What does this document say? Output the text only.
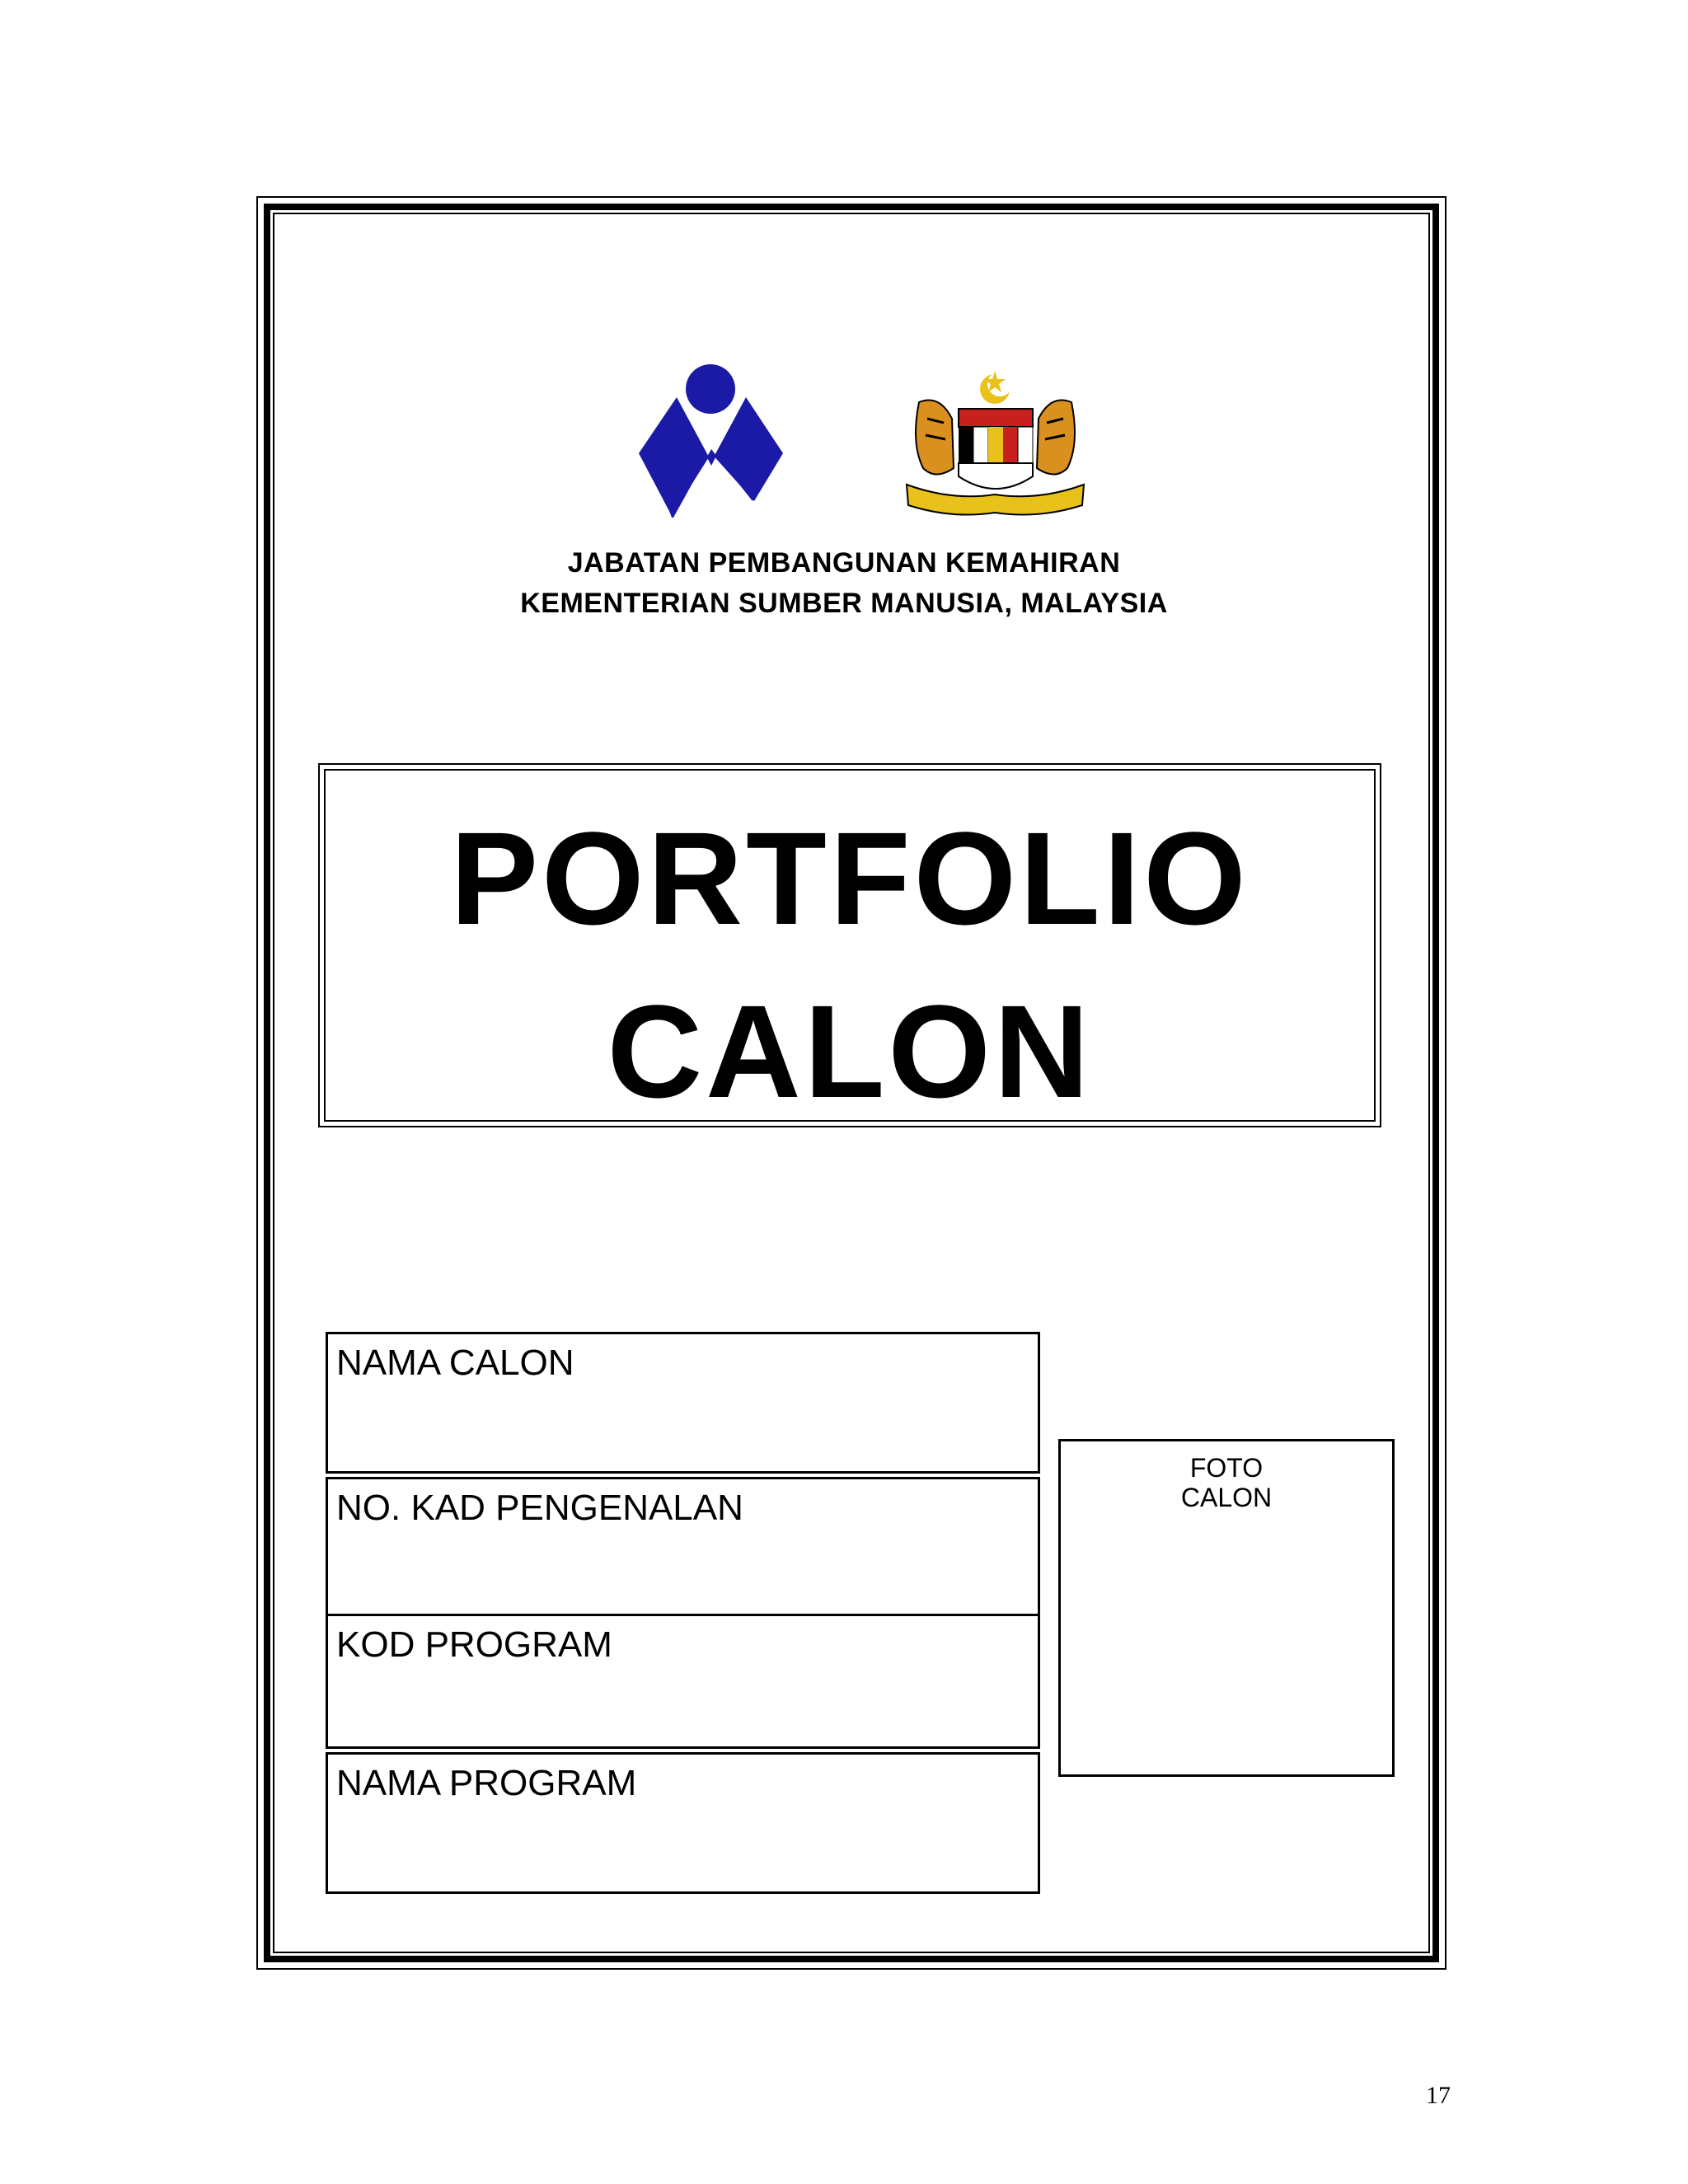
JABATAN PEMBANGUNAN KEMAHIRAN
KEMENTERIAN SUMBER MANUSIA, MALAYSIA
PORTFOLIO
CALON
NAMA CALON
NO. KAD PENGENALAN
KOD PROGRAM
NAMA PROGRAM
FOTO
CALON
17
